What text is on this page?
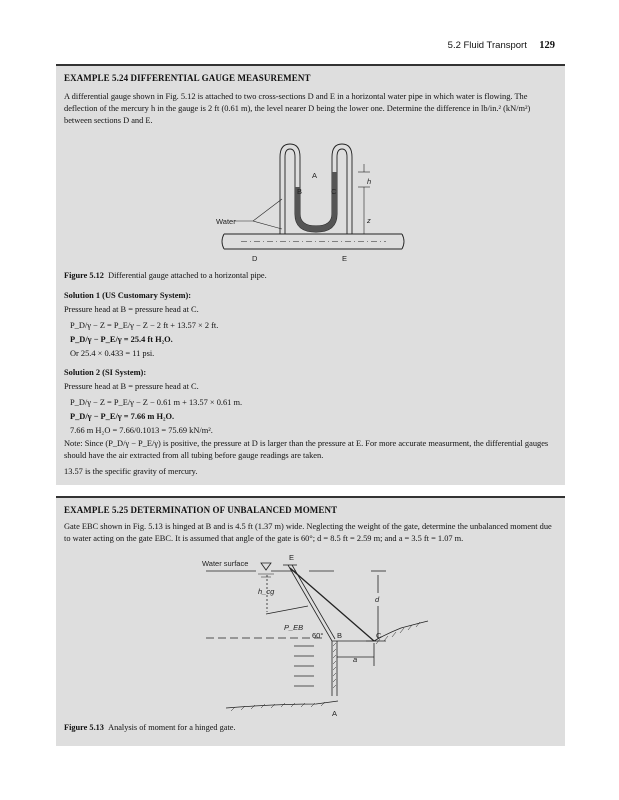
5.2 Fluid Transport 129
EXAMPLE 5.24 DIFFERENTIAL GAUGE MEASUREMENT
A differential gauge shown in Fig. 5.12 is attached to two cross-sections D and E in a horizontal water pipe in which water is flowing. The deflection of the mercury h in the gauge is 2 ft (0.61 m), the level nearer D being the lower one. Determine the difference in lb/in.² (kN/m²) between sections D and E.
A
B	C
h
z
Water
D	E
Figure 5.12 Differential gauge attached to a horizontal pipe.
Solution 1 (US Customary System):
Pressure head at B = pressure head at C.
P_D/γ − Z = P_E/γ − Z − 2 ft + 13.57 × 2 ft.
P_D/γ − P_E/γ = 25.4 ft H₂O.
Or 25.4 × 0.433 = 11 psi.
Solution 2 (SI System):
Pressure head at B = pressure head at C.
P_D/γ − Z = P_E/γ − Z − 0.61 m + 13.57 × 0.61 m.
P_D/γ − P_E/γ = 7.66 m H₂O.
7.66 m H₂O = 7.66/0.1013 = 75.69 kN/m².
Note: Since (P_D/γ − P_E/γ) is positive, the pressure at D is larger than the pressure at E. For more accurate measurment, the differential gauges should have the air extracted from all tubing before gauge readings are taken.
13.57 is the specific gravity of mercury.
EXAMPLE 5.25 DETERMINATION OF UNBALANCED MOMENT
Gate EBC shown in Fig. 5.13 is hinged at B and is 4.5 ft (1.37 m) wide. Neglecting the weight of the gate, determine the unbalanced moment due to water acting on the gate EBC. It is assumed that angle of the gate is 60°; d = 8.5 ft = 2.59 m; and a = 3.5 ft = 1.07 m.
Water surface
E
h_cg
d
P_EB
60° B	C
a
A
Figure 5.13 Analysis of moment for a hinged gate.
